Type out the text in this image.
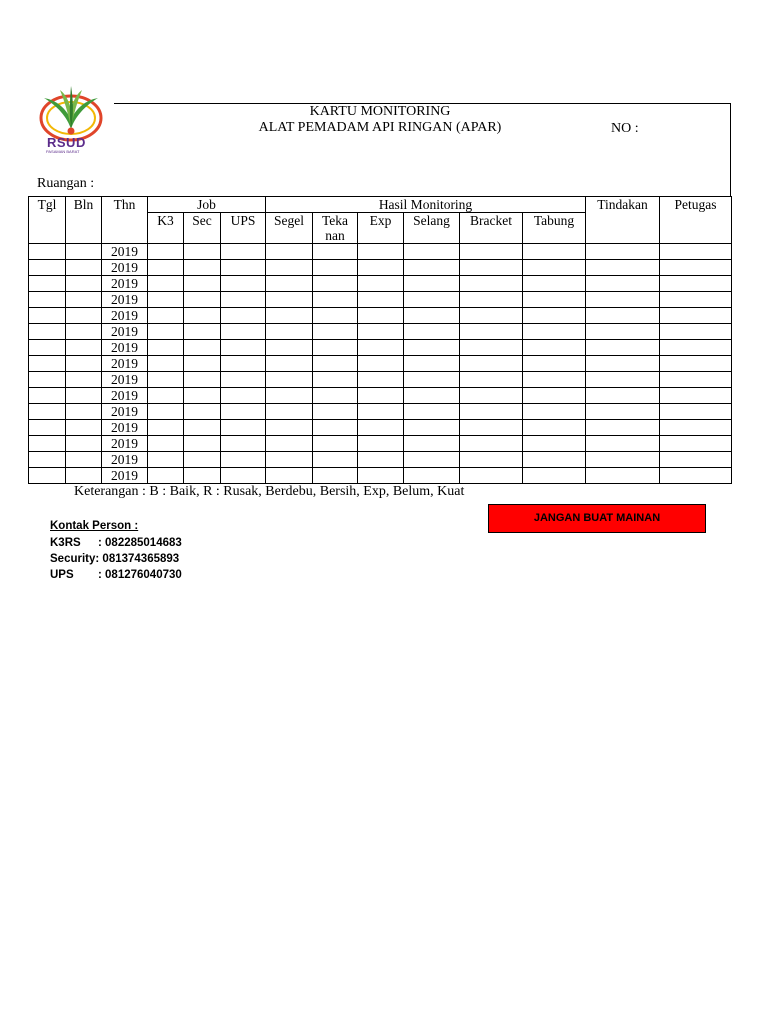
RSUD
PASAMAN BARAT
KARTU MONITORING
ALAT PEMADAM API RINGAN (APAR)	NO :
Ruangan :
Tgl	Bln	Thn	Job			Hasil Monitoring						Tindakan	Petugas
			K3	Sec	UPS	Segel	Teka nan	Exp	Selang	Bracket	Tabung		
		2019											
		2019											
		2019											
		2019											
		2019											
		2019											
		2019											
		2019											
		2019											
		2019											
		2019											
		2019											
		2019											
		2019											
		2019											
Keterangan : B : Baik, R : Rusak, Berdebu, Bersih, Exp, Belum, Kuat
JANGAN BUAT MAINAN
Kontak Person :
K3RS : 082285014683
Security: 081374365893
UPS : 081276040730
